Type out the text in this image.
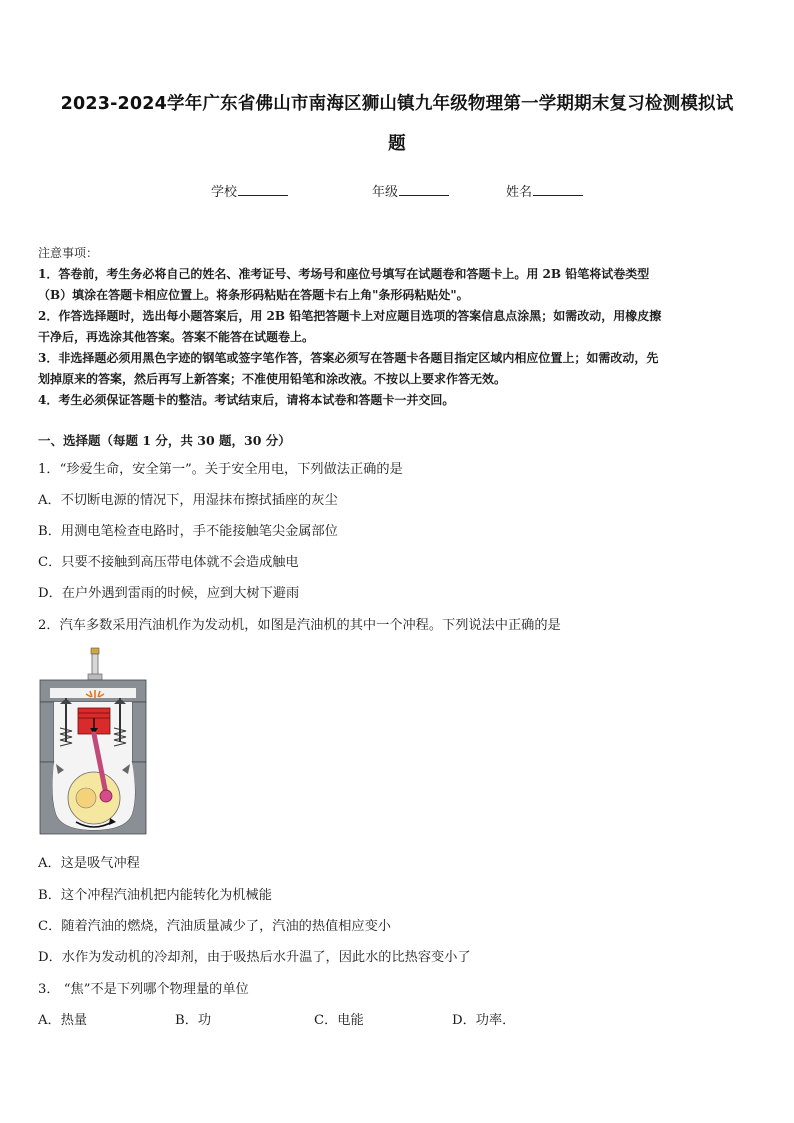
2023-2024学年广东省佛山市南海区狮山镇九年级物理第一学期期末复习检测模拟试
题
学校	年级	姓名
注意事项：
1．答卷前，考生务必将自己的姓名、准考证号、考场号和座位号填写在试题卷和答题卡上。用 2B 铅笔将试卷类型
（B）填涂在答题卡相应位置上。将条形码粘贴在答题卡右上角"条形码粘贴处"。
2．作答选择题时，选出每小题答案后，用 2B 铅笔把答题卡上对应题目选项的答案信息点涂黑；如需改动，用橡皮擦
干净后，再选涂其他答案。答案不能答在试题卷上。
3．非选择题必须用黑色字迹的钢笔或签字笔作答，答案必须写在答题卡各题目指定区域内相应位置上；如需改动，先
划掉原来的答案，然后再写上新答案；不准使用铅笔和涂改液。不按以上要求作答无效。
4．考生必须保证答题卡的整洁。考试结束后，请将本试卷和答题卡一并交回。
一、选择题（每题 1 分，共 30 题，30 分）
1．“珍爱生命，安全第一”。关于安全用电，下列做法正确的是
A．不切断电源的情况下，用湿抹布擦拭插座的灰尘
B．用测电笔检查电路时，手不能接触笔尖金属部位
C．只要不接触到高压带电体就不会造成触电
D．在户外遇到雷雨的时候，应到大树下避雨
2．汽车多数采用汽油机作为发动机，如图是汽油机的其中一个冲程。下列说法中正确的是
A．这是吸气冲程
B．这个冲程汽油机把内能转化为机械能
C．随着汽油的燃烧，汽油质量减少了，汽油的热值相应变小
D．水作为发动机的冷却剂，由于吸热后水升温了，因此水的比热容变小了
3． “焦”不是下列哪个物理量的单位
A．热量	B．功	C．电能	D．功率．
